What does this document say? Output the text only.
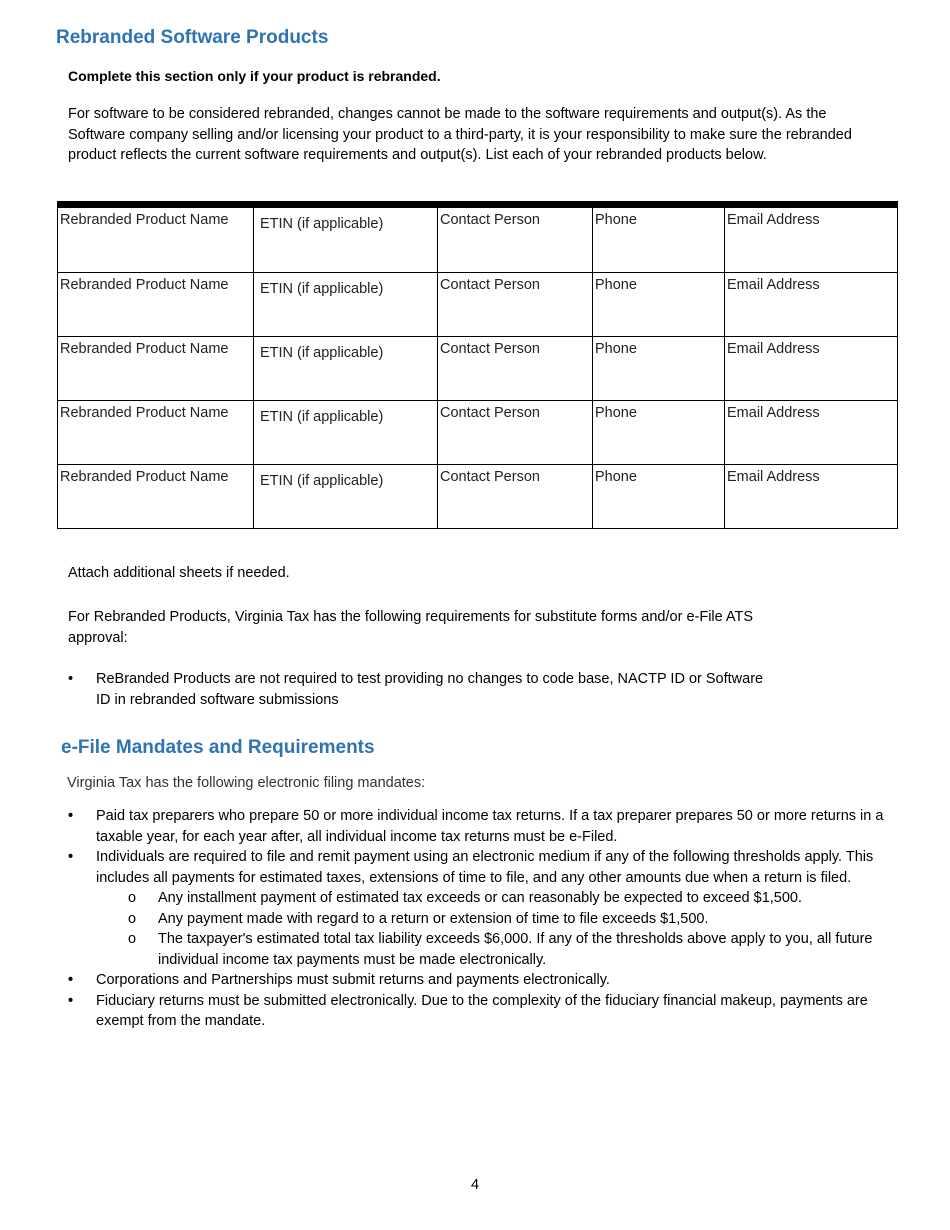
Rebranded Software Products

Complete this section only if your product is rebranded.

For software to be considered rebranded, changes cannot be made to the software requirements and output(s). As the Software company selling and/or licensing your product to a third-party, it is your responsibility to make sure the rebranded product reflects the current software requirements and output(s). List each of your rebranded products below.

Rebranded Product Name	ETIN (if applicable)	Contact Person	Phone	Email Address
Rebranded Product Name	ETIN (if applicable)	Contact Person	Phone	Email Address
Rebranded Product Name	ETIN (if applicable)	Contact Person	Phone	Email Address
Rebranded Product Name	ETIN (if applicable)	Contact Person	Phone	Email Address
Rebranded Product Name	ETIN (if applicable)	Contact Person	Phone	Email Address

Attach additional sheets if needed.

For Rebranded Products, Virginia Tax has the following requirements for substitute forms and/or e-File ATS approval:

• ReBranded Products are not required to test providing no changes to code base, NACTP ID or Software ID in rebranded software submissions
e-File Mandates and Requirements

Virginia Tax has the following electronic filing mandates:

• Paid tax preparers who prepare 50 or more individual income tax returns. If a tax preparer prepares 50 or more returns in a taxable year, for each year after, all individual income tax returns must be e-Filed.
• Individuals are required to file and remit payment using an electronic medium if any of the following thresholds apply. This includes all payments for estimated taxes, extensions of time to file, and any other amounts due when a return is filed.
o Any installment payment of estimated tax exceeds or can reasonably be expected to exceed $1,500.
o Any payment made with regard to a return or extension of time to file exceeds $1,500.
o The taxpayer's estimated total tax liability exceeds $6,000. If any of the thresholds above apply to you, all future individual income tax payments must be made electronically.
• Corporations and Partnerships must submit returns and payments electronically.
• Fiduciary returns must be submitted electronically. Due to the complexity of the fiduciary financial makeup, payments are exempt from the mandate.
4
